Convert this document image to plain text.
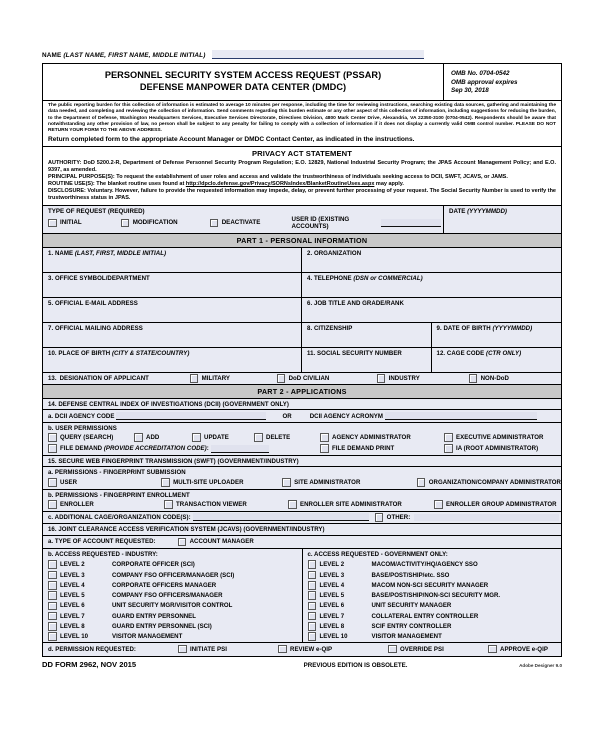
NAME (LAST NAME, FIRST NAME, MIDDLE INITIAL)
PERSONNEL SECURITY SYSTEM ACCESS REQUEST (PSSAR)
DEFENSE MANPOWER DATA CENTER (DMDC)
OMB No. 0704-0542
OMB approval expires
Sep 30, 2018
The public reporting burden for this collection of information is estimated to average 10 minutes per response, including the time for reviewing instructions, searching existing data sources, gathering and maintaining the data needed, and completing and reviewing the collection of information. Send comments regarding this burden estimate or any other aspect of this collection of information, including suggestions for reducing the burden, to the Department of Defense, Washington Headquarters Services, Executive Services Directorate, Directives Division, 4800 Mark Center Drive, Alexandria, VA 22350-3100 (0704-0542). Respondents should be aware that notwithstanding any other provision of law, no person shall be subject to any penalty for failing to comply with a collection of information if it does not display a currently valid OMB control number. PLEASE DO NOT RETURN YOUR FORM TO THE ABOVE ADDRESS.
Return completed form to the appropriate Account Manager or DMDC Contact Center, as indicated in the instructions.
PRIVACY ACT STATEMENT
AUTHORITY: DoD 5200.2-R, Department of Defense Personnel Security Program Regulation; E.O. 12829, National Industrial Security Program; the JPAS Account Management Policy; and E.O. 9397, as amended.
PRINCIPAL PURPOSE(S): To request the establishment of user roles and access and validate the trustworthiness of individuals seeking access to DCII, SWFT, JCAVS, or JAMS.
ROUTINE USE(S): The blanket routine uses found at http://dpclo.defense.gov/Privacy/SORNsIndex/BlanketRoutineUses.aspx may apply.
DISCLOSURE: Voluntary. However, failure to provide the requested information may impede, delay, or prevent further processing of your request. The Social Security Number is used to verify the trustworthiness status in JPAS.
TYPE OF REQUEST (REQUIRED)
INITIAL	MODIFICATION	DEACTIVATE	USER ID (EXISTING ACCOUNTS)
DATE (YYYYMMDD)
PART 1 - PERSONAL INFORMATION
1. NAME (LAST, FIRST, MIDDLE INITIAL)	2. ORGANIZATION
3. OFFICE SYMBOL/DEPARTMENT	4. TELEPHONE (DSN or COMMERCIAL)
5. OFFICIAL E-MAIL ADDRESS	6. JOB TITLE AND GRADE/RANK
7. OFFICIAL MAILING ADDRESS	8. CITIZENSHIP	9. DATE OF BIRTH (YYYYMMDD)
10. PLACE OF BIRTH (CITY & STATE/COUNTRY)	11. SOCIAL SECURITY NUMBER	12. CAGE CODE (CTR ONLY)
13. DESIGNATION OF APPLICANT	MILITARY	DoD CIVILIAN	INDUSTRY	NON-DoD
PART 2 - APPLICATIONS
14. DEFENSE CENTRAL INDEX OF INVESTIGATIONS (DCII) (GOVERNMENT ONLY)
a. DCII AGENCY CODE	OR	DCII AGENCY ACRONYM
b. USER PERMISSIONS
QUERY (SEARCH)	ADD	UPDATE	DELETE	AGENCY ADMINISTRATOR	EXECUTIVE ADMINISTRATOR
FILE DEMAND (PROVIDE ACCREDITATION CODE):	FILE DEMAND PRINT	IA (ROOT ADMINISTRATOR)
15. SECURE WEB FINGERPRINT TRANSMISSION (SWFT) (GOVERNMENT/INDUSTRY)
a. PERMISSIONS - FINGERPRINT SUBMISSION
USER	MULTI-SITE UPLOADER	SITE ADMINISTRATOR	ORGANIZATION/COMPANY ADMINISTRATOR
b. PERMISSIONS - FINGERPRINT ENROLLMENT
ENROLLER	TRANSACTION VIEWER	ENROLLER SITE ADMINISTRATOR	ENROLLER GROUP ADMINISTRATOR
c. ADDITIONAL CAGE/ORGANIZATION CODE(S):	OTHER:
16. JOINT CLEARANCE ACCESS VERIFICATION SYSTEM (JCAVS) (GOVERNMENT/INDUSTRY)
a. TYPE OF ACCOUNT REQUESTED:	ACCOUNT MANAGER
b. ACCESS REQUESTED - INDUSTRY:
LEVEL 2	CORPORATE OFFICER (SCI)
LEVEL 3	COMPANY FSO OFFICER/MANAGER (SCI)
LEVEL 4	CORPORATE OFFICERS MANAGER
LEVEL 5	COMPANY FSO OFFICERS/MANAGER
LEVEL 6	UNIT SECURITY MGR/VISITOR CONTROL
LEVEL 7	GUARD ENTRY PERSONNEL
LEVEL 8	GUARD ENTRY PERSONNEL (SCI)
LEVEL 10	VISITOR MANAGEMENT
c. ACCESS REQUESTED - GOVERNMENT ONLY:
LEVEL 2	MACOM/ACTIVITY/HQ/AGENCY SSO
LEVEL 3	BASE/POST/SHIP/etc. SSO
LEVEL 4	MACOM NON-SCI SECURITY MANAGER
LEVEL 5	BASE/POST/SHIP/NON-SCI SECURITY MGR.
LEVEL 6	UNIT SECURITY MANAGER
LEVEL 7	COLLATERAL ENTRY CONTROLLER
LEVEL 8	SCIF ENTRY CONTROLLER
LEVEL 10	VISITOR MANAGEMENT
d. PERMISSION REQUESTED:	INITIATE PSI	REVIEW e-QIP	OVERRIDE PSI	APPROVE e-QIP
DD FORM 2962, NOV 2015	PREVIOUS EDITION IS OBSOLETE.	Adobe Designer 9.0
